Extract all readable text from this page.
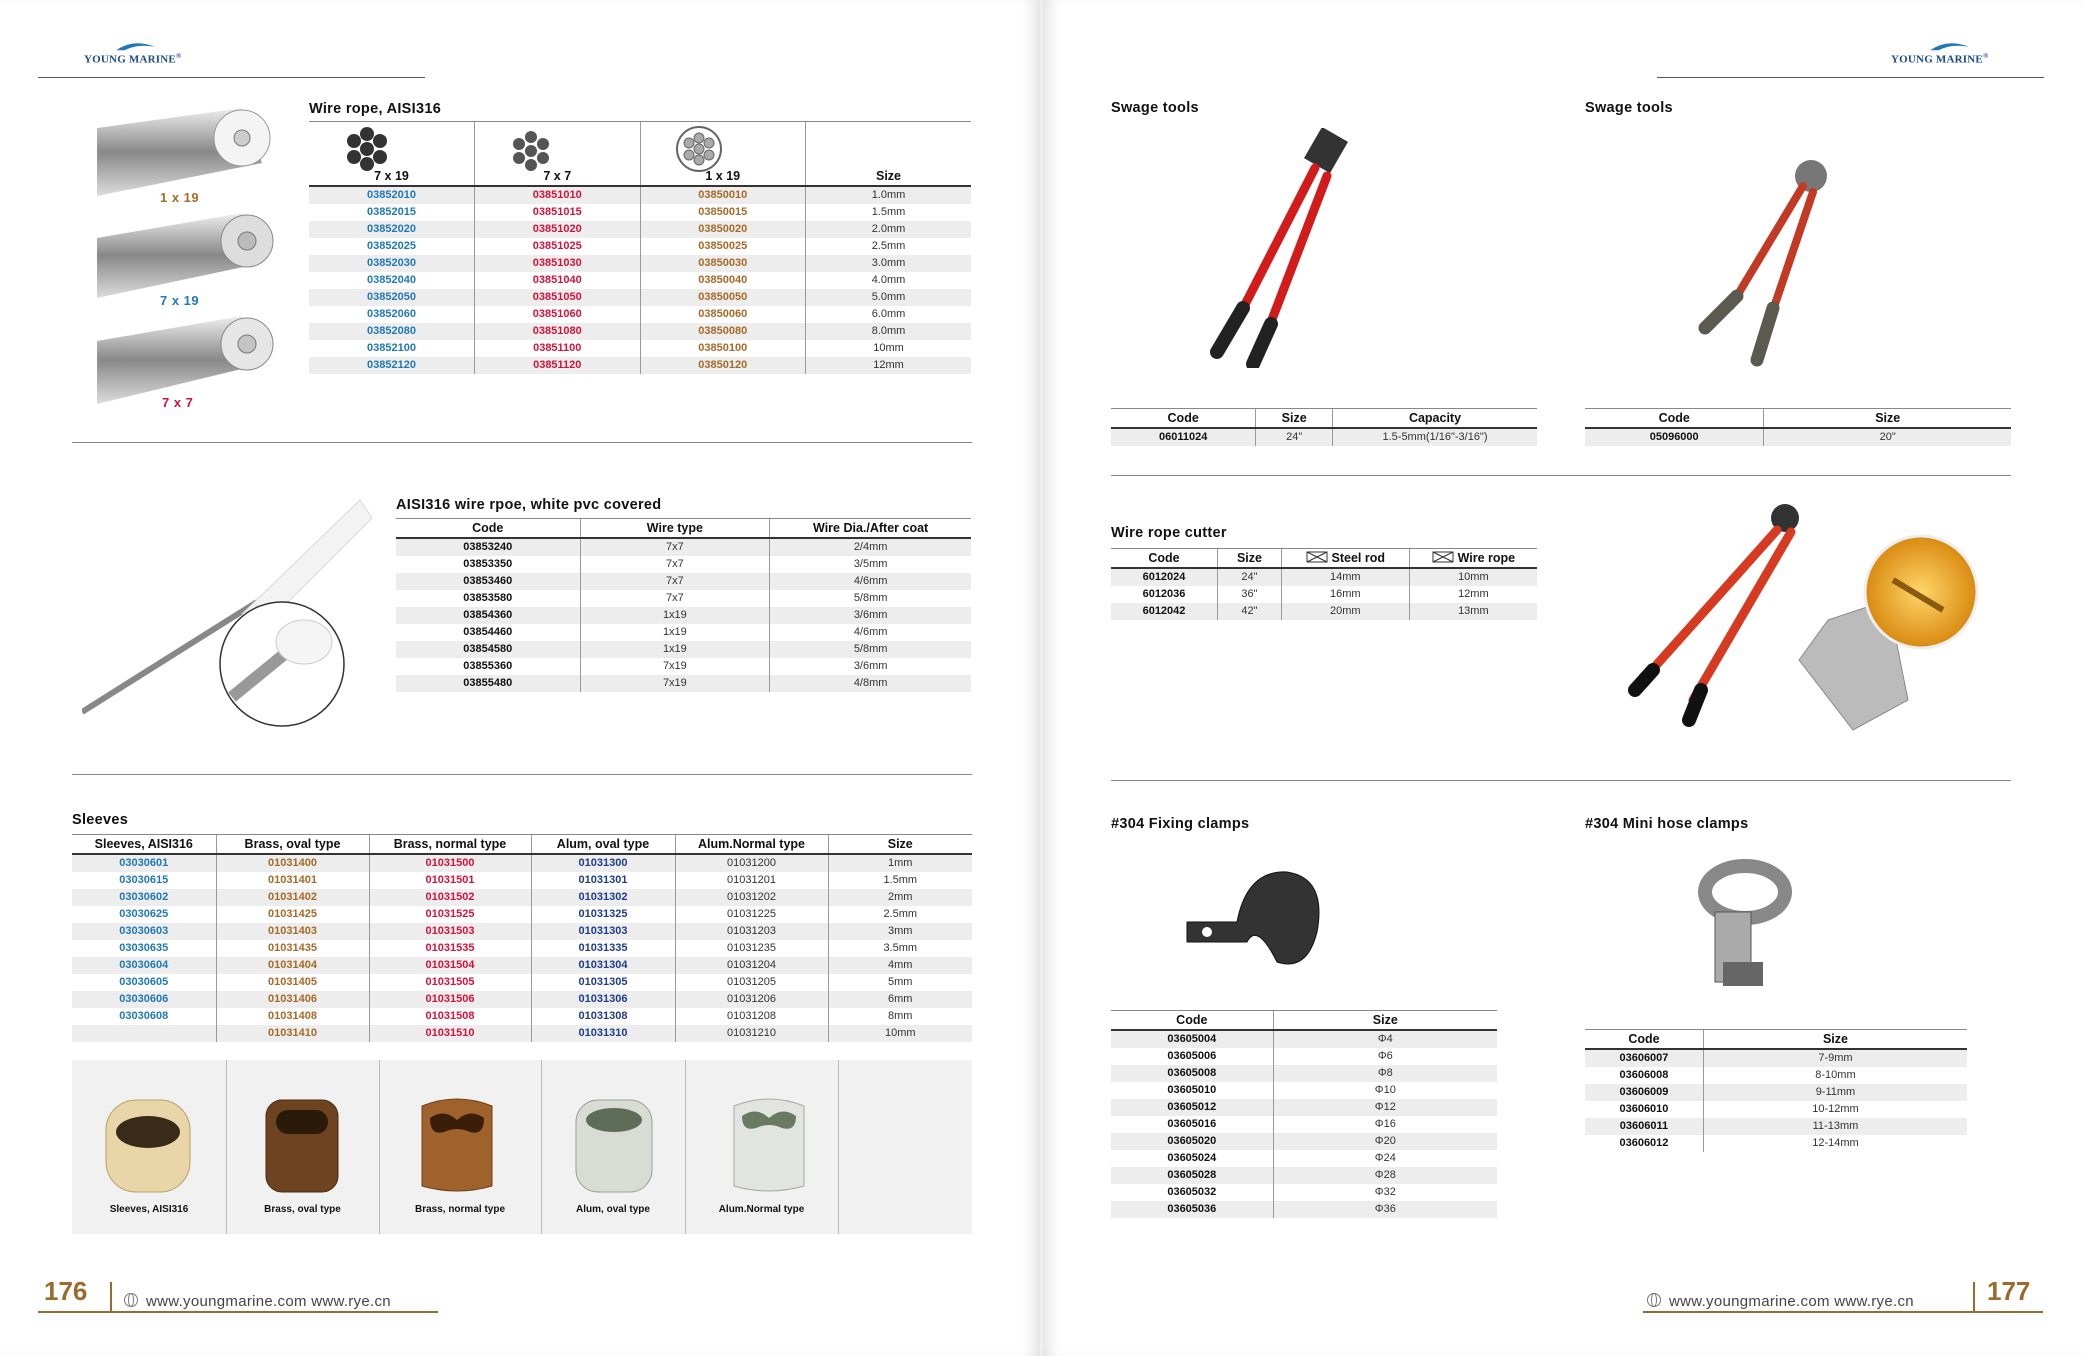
YOUNG MARINE®
1 x 19
7 x 19
7 x 7
Wire rope, AISI316
7 x 19	7 x 7	1 x 19	Size
03852010	03851010	03850010	1.0mm
03852015	03851015	03850015	1.5mm
03852020	03851020	03850020	2.0mm
03852025	03851025	03850025	2.5mm
03852030	03851030	03850030	3.0mm
03852040	03851040	03850040	4.0mm
03852050	03851050	03850050	5.0mm
03852060	03851060	03850060	6.0mm
03852080	03851080	03850080	8.0mm
03852100	03851100	03850100	10mm
03852120	03851120	03850120	12mm
AISI316 wire rpoe, white pvc covered
Code	Wire type	Wire Dia./After coat
03853240	7x7	2/4mm
03853350	7x7	3/5mm
03853460	7x7	4/6mm
03853580	7x7	5/8mm
03854360	1x19	3/6mm
03854460	1x19	4/6mm
03854580	1x19	5/8mm
03855360	7x19	3/6mm
03855480	7x19	4/8mm
Sleeves
Sleeves, AISI316	Brass, oval type	Brass, normal type	Alum, oval type	Alum.Normal type	Size
03030601	01031400	01031500	01031300	01031200	1mm
03030615	01031401	01031501	01031301	01031201	1.5mm
03030602	01031402	01031502	01031302	01031202	2mm
03030625	01031425	01031525	01031325	01031225	2.5mm
03030603	01031403	01031503	01031303	01031203	3mm
03030635	01031435	01031535	01031335	01031235	3.5mm
03030604	01031404	01031504	01031304	01031204	4mm
03030605	01031405	01031505	01031305	01031205	5mm
03030606	01031406	01031506	01031306	01031206	6mm
03030608	01031408	01031508	01031308	01031208	8mm
	01031410	01031510	01031310	01031210	10mm
Sleeves, AISI316	Brass, oval type	Brass, normal type	Alum, oval type	Alum.Normal type
176	www.youngmarine.com www.rye.cn
YOUNG MARINE®
Swage tools
Code	Size	Capacity
06011024	24"	1.5-5mm(1/16"-3/16")
Swage tools
Code	Size
05096000	20"
Wire rope cutter
Code	Size	Steel rod	Wire rope
6012024	24"	14mm	10mm
6012036	36"	16mm	12mm
6012042	42"	20mm	13mm
#304 Fixing clamps
Code	Size
03605004	Φ4
03605006	Φ6
03605008	Φ8
03605010	Φ10
03605012	Φ12
03605016	Φ16
03605020	Φ20
03605024	Φ24
03605028	Φ28
03605032	Φ32
03605036	Φ36
#304 Mini hose clamps
Code	Size
03606007	7-9mm
03606008	8-10mm
03606009	9-11mm
03606010	10-12mm
03606011	11-13mm
03606012	12-14mm
www.youngmarine.com www.rye.cn	177
